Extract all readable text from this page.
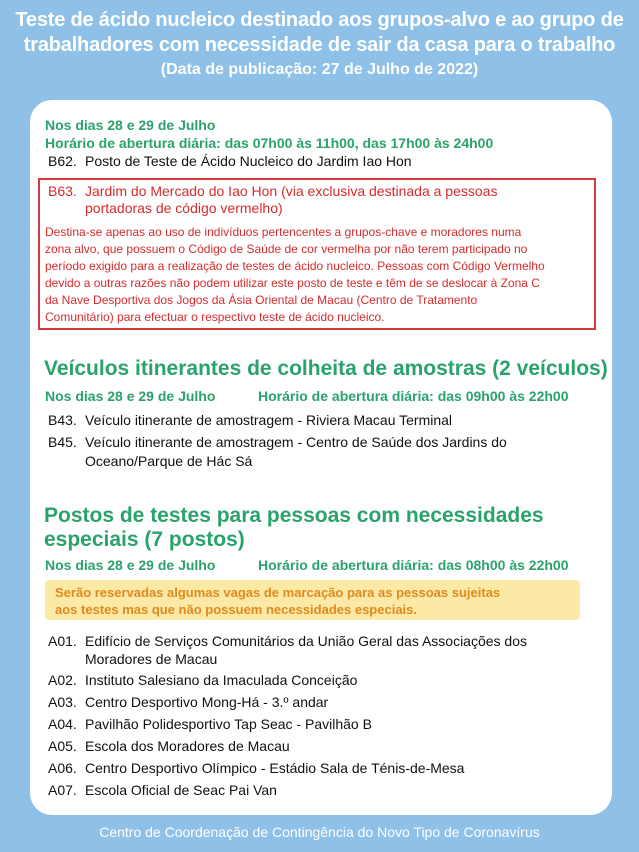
Teste de ácido nucleico destinado aos grupos-alvo e ao grupo de
trabalhadores com necessidade de sair da casa para o trabalho
(Data de publicação: 27 de Julho de 2022)
Nos dias 28 e 29 de Julho
Horário de abertura diária: das 07h00 às 11h00, das 17h00 às 24h00
B62. Posto de Teste de Ácido Nucleico do Jardim Iao Hon
B63. Jardim do Mercado do Iao Hon (via exclusiva destinada a pessoas
portadoras de código vermelho)
Destina-se apenas ao uso de indivíduos pertencentes a grupos-chave e moradores numa
zona alvo, que possuem o Código de Saúde de cor vermelha por não terem participado no
período exigido para a realização de testes de ácido nucleico. Pessoas com Código Vermelho
devido a outras razões não podem utilizar este posto de teste e têm de se deslocar à Zona C
da Nave Desportiva dos Jogos da Ásia Oriental de Macau (Centro de Tratamento
Comunitário) para efectuar o respectivo teste de ácido nucleico.
Veículos itinerantes de colheita de amostras (2 veículos)
Nos dias 28 e 29 de Julho	Horário de abertura diária: das 09h00 às 22h00
B43. Veículo itinerante de amostragem - Riviera Macau Terminal
B45. Veículo itinerante de amostragem - Centro de Saúde dos Jardins do
Oceano/Parque de Hác Sá
Postos de testes para pessoas com necessidades
especiais (7 postos)
Nos dias 28 e 29 de Julho	Horário de abertura diária: das 08h00 às 22h00
Serão reservadas algumas vagas de marcação para as pessoas sujeitas
aos testes mas que não possuem necessidades especiais.
A01. Edifício de Serviços Comunitários da União Geral das Associações dos
Moradores de Macau
A02. Instituto Salesiano da Imaculada Conceição
A03. Centro Desportivo Mong-Há - 3.º andar
A04. Pavilhão Polidesportivo Tap Seac - Pavilhão B
A05. Escola dos Moradores de Macau
A06. Centro Desportivo Olímpico - Estádio Sala de Ténis-de-Mesa
A07. Escola Oficial de Seac Pai Van
Centro de Coordenação de Contingência do Novo Tipo de Coronavírus
